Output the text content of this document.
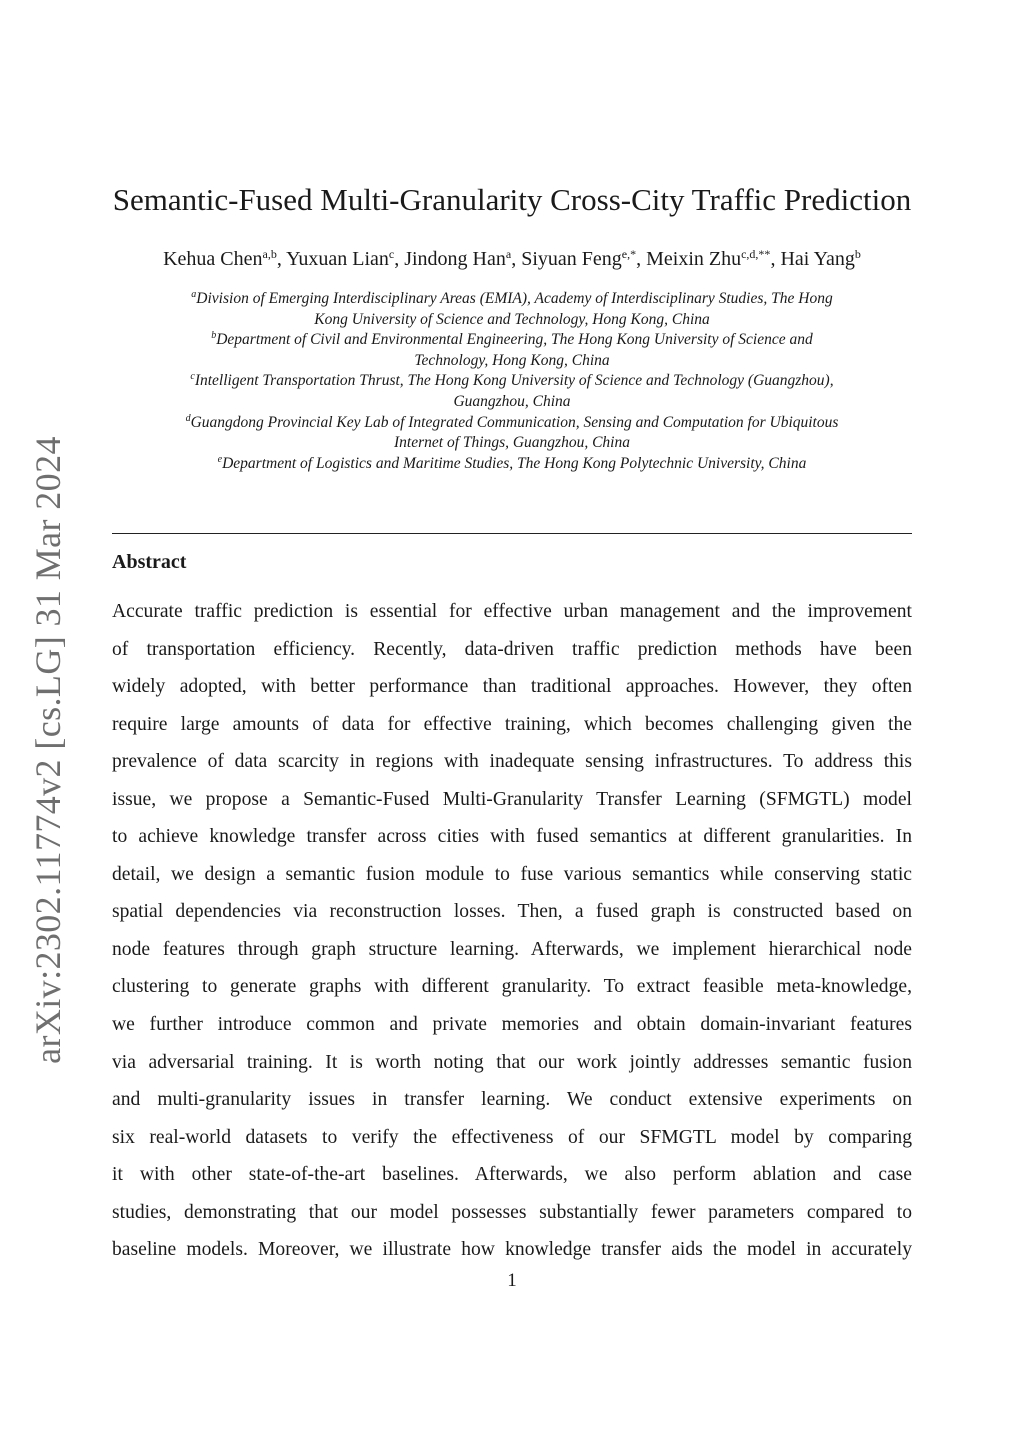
arXiv:2302.11774v2 [cs.LG] 31 Mar 2024
Semantic-Fused Multi-Granularity Cross-City Traffic Prediction
Kehua Chen$^{a,b}$, Yuxuan Lian$^c$, Jindong Han$^a$, Siyuan Feng$^{e,*}$, Meixin Zhu$^{c,d,**}$, Hai Yang$^b$
$^a$Division of Emerging Interdisciplinary Areas (EMIA), Academy of Interdisciplinary Studies, The Hong
Kong University of Science and Technology, Hong Kong, China
$^b$Department of Civil and Environmental Engineering, The Hong Kong University of Science and
Technology, Hong Kong, China
$^c$Intelligent Transportation Thrust, The Hong Kong University of Science and Technology (Guangzhou),
Guangzhou, China
$^d$Guangdong Provincial Key Lab of Integrated Communication, Sensing and Computation for Ubiquitous
Internet of Things, Guangzhou, China
$^e$Department of Logistics and Maritime Studies, The Hong Kong Polytechnic University, China
Abstract
Accurate traffic prediction is essential for effective urban management and the improvement
of transportation efficiency. Recently, data-driven traffic prediction methods have been
widely adopted, with better performance than traditional approaches. However, they often
require large amounts of data for effective training, which becomes challenging given the
prevalence of data scarcity in regions with inadequate sensing infrastructures. To address this
issue, we propose a Semantic-Fused Multi-Granularity Transfer Learning (SFMGTL) model
to achieve knowledge transfer across cities with fused semantics at different granularities. In
detail, we design a semantic fusion module to fuse various semantics while conserving static
spatial dependencies via reconstruction losses. Then, a fused graph is constructed based on
node features through graph structure learning. Afterwards, we implement hierarchical node
clustering to generate graphs with different granularity. To extract feasible meta-knowledge,
we further introduce common and private memories and obtain domain-invariant features
via adversarial training. It is worth noting that our work jointly addresses semantic fusion
and multi-granularity issues in transfer learning. We conduct extensive experiments on
six real-world datasets to verify the effectiveness of our SFMGTL model by comparing
it with other state-of-the-art baselines. Afterwards, we also perform ablation and case
studies, demonstrating that our model possesses substantially fewer parameters compared to
baseline models. Moreover, we illustrate how knowledge transfer aids the model in accurately
1
